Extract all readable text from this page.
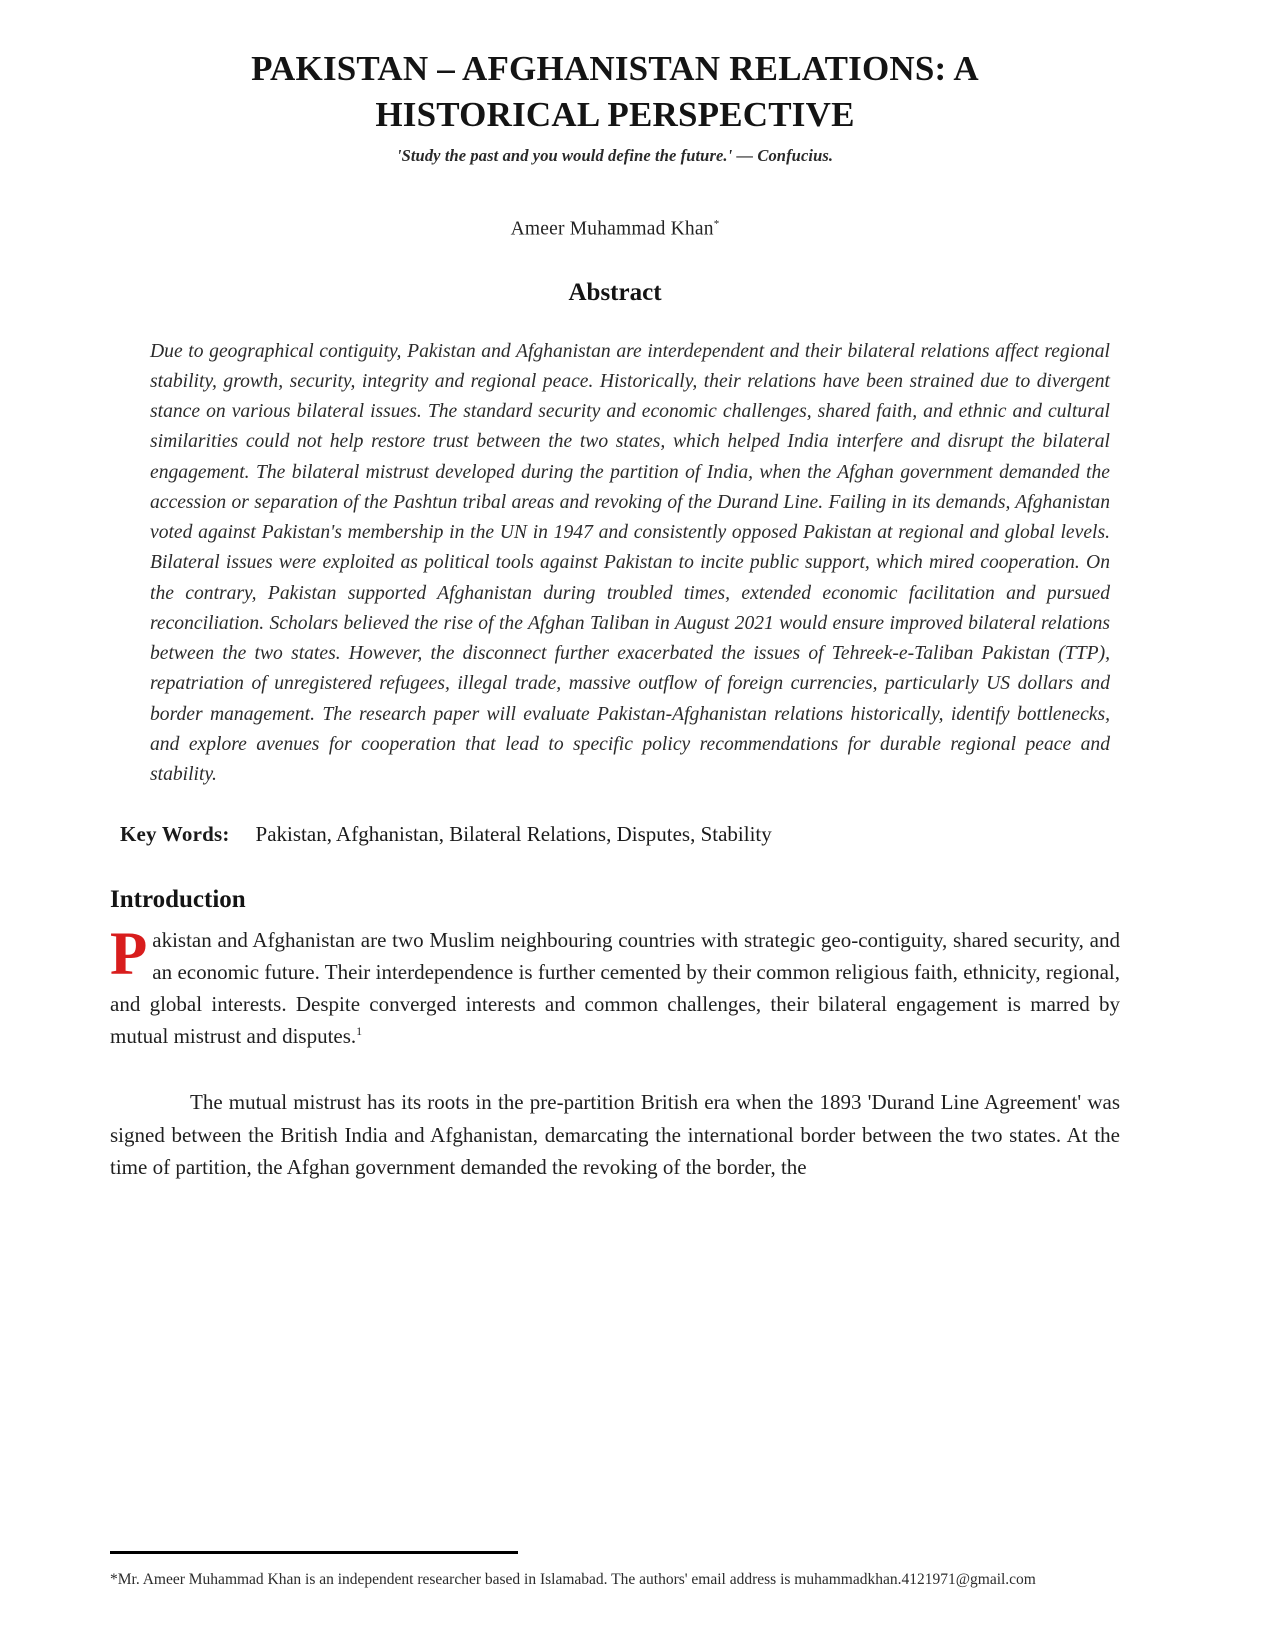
PAKISTAN – AFGHANISTAN RELATIONS: A HISTORICAL PERSPECTIVE
'Study the past and you would define the future.' — Confucius.
Ameer Muhammad Khan*
Abstract

Due to geographical contiguity, Pakistan and Afghanistan are interdependent and their bilateral relations affect regional stability, growth, security, integrity and regional peace. Historically, their relations have been strained due to divergent stance on various bilateral issues. The standard security and economic challenges, shared faith, and ethnic and cultural similarities could not help restore trust between the two states, which helped India interfere and disrupt the bilateral engagement. The bilateral mistrust developed during the partition of India, when the Afghan government demanded the accession or separation of the Pashtun tribal areas and revoking of the Durand Line. Failing in its demands, Afghanistan voted against Pakistan's membership in the UN in 1947 and consistently opposed Pakistan at regional and global levels. Bilateral issues were exploited as political tools against Pakistan to incite public support, which mired cooperation. On the contrary, Pakistan supported Afghanistan during troubled times, extended economic facilitation and pursued reconciliation. Scholars believed the rise of the Afghan Taliban in August 2021 would ensure improved bilateral relations between the two states. However, the disconnect further exacerbated the issues of Tehreek-e-Taliban Pakistan (TTP), repatriation of unregistered refugees, illegal trade, massive outflow of foreign currencies, particularly US dollars and border management. The research paper will evaluate Pakistan-Afghanistan relations historically, identify bottlenecks, and explore avenues for cooperation that lead to specific policy recommendations for durable regional peace and stability.

Key Words: Pakistan, Afghanistan, Bilateral Relations, Disputes, Stability
Introduction

Pakistan and Afghanistan are two Muslim neighbouring countries with strategic geo-contiguity, shared security, and an economic future. Their interdependence is further cemented by their common religious faith, ethnicity, regional, and global interests. Despite converged interests and common challenges, their bilateral engagement is marred by mutual mistrust and disputes.$^1$

The mutual mistrust has its roots in the pre-partition British era when the 1893 'Durand Line Agreement' was signed between the British India and Afghanistan, demarcating the international border between the two states. At the time of partition, the Afghan government demanded the revoking of the border, the

*Mr. Ameer Muhammad Khan is an independent researcher based in Islamabad. The authors' email address is muhammadkhan.4121971@gmail.com
